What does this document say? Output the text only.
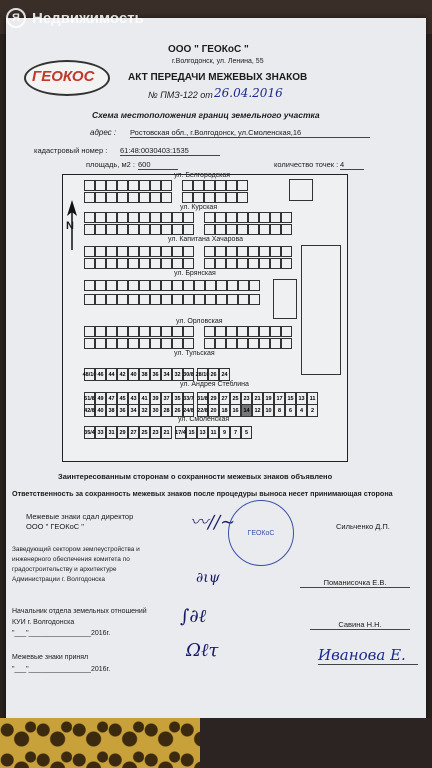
Я Недвижимость
ГЕОКОС
ООО " ГЕОКоС "
г.Волгодонск, ул. Ленина, 55
АКТ ПЕРЕДАЧИ МЕЖЕВЫХ ЗНАКОВ
№ ПМЗ-122 от 26.04.2016
Схема местоположения границ земельного участка
адрес : Ростовская обл., г.Волгодонск, ул.Смоленская,16
кадастровый номер : 61:48:0030403:1535
площадь, м2 : 600	количество точек : 4
ул. Белгородская
ул. Курская
ул. Капитана Хачарова
ул. Брянская
ул. Орловская
ул. Тульская
ул. Андрея Стеблина
ул. Смоленская
N
48/10 46 44 42 40 38 36 34 32 30/8 28/10 26 24
51/8 49 47 45 43 41 39 37 35 33/7 31/8 29 27 25 23 21 19 17 15 13 11
42/8 40 38 36 34 32 30 28 26 24/8 22/8 20 18 16 14 12 10	8	6	4	2
35/4 33 31 29 27 25 23 21	17/4 15 13 11	9	7	5
Заинтересованным сторонам о сохранности межевых знаков объявлено
Ответственность за сохранность межевых знаков после процедуры выноса несет принимающая сторона
Межевые знаки сдал директор
ООО " ГЕОКоС "	〰∕∕∼ ГЕОКоС
Сильченко Д.П.
Заведующий сектором землеустройства и
инженерного обеспечения комитета по
градостроительству и архитектуре
Администрации г. Волгодонска	∂ιψ	Поманисочка Е.В.
Начальник отдела земельных отношений
КУИ г. Волгодонска
"___"________________2016г.
∫∂ℓ	Савина Н.Н.
Межевые знаки принял
"___"________________2016г.
Ωℓτ	Иванова Е.
